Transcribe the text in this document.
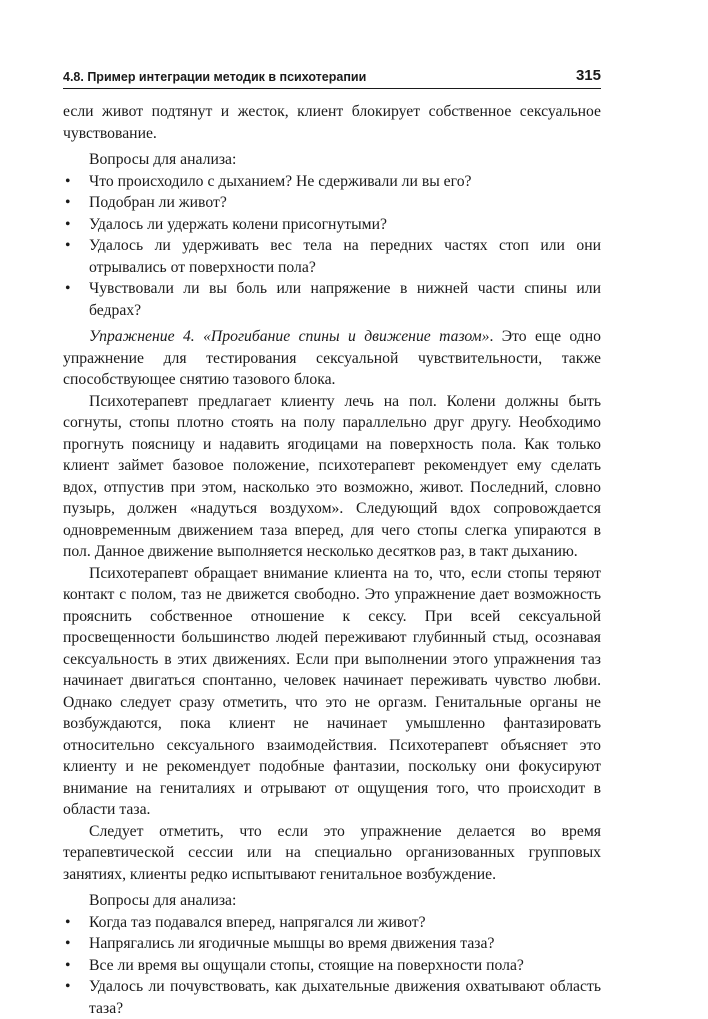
4.8. Пример интеграции методик в психотерапии	315

если живот подтянут и жесток, клиент блокирует собственное сексуальное чувствование.

Вопросы для анализа:

• Что происходило с дыханием? Не сдерживали ли вы его?
• Подобран ли живот?
• Удалось ли удержать колени присогнутыми?
• Удалось ли удерживать вес тела на передних частях стоп или они отрывались от поверхности пола?
• Чувствовали ли вы боль или напряжение в нижней части спины или бедрах?

Упражнение 4. «Прогибание спины и движение тазом». Это еще одно упражнение для тестирования сексуальной чувствительности, также способствующее снятию тазового блока.

Психотерапевт предлагает клиенту лечь на пол. Колени должны быть согнуты, стопы плотно стоять на полу параллельно друг другу. Необходимо прогнуть поясницу и надавить ягодицами на поверхность пола. Как только клиент займет базовое положение, психотерапевт рекомендует ему сделать вдох, отпустив при этом, насколько это возможно, живот. Последний, словно пузырь, должен «надуться воздухом». Следующий вдох сопровождается одновременным движением таза вперед, для чего стопы слегка упираются в пол. Данное движение выполняется несколько десятков раз, в такт дыханию.

Психотерапевт обращает внимание клиента на то, что, если стопы теряют контакт с полом, таз не движется свободно. Это упражнение дает возможность прояснить собственное отношение к сексу. При всей сексуальной просвещенности большинство людей переживают глубинный стыд, осознавая сексуальность в этих движениях. Если при выполнении этого упражнения таз начинает двигаться спонтанно, человек начинает переживать чувство любви. Однако следует сразу отметить, что это не оргазм. Генитальные органы не возбуждаются, пока клиент не начинает умышленно фантазировать относительно сексуального взаимодействия. Психотерапевт объясняет это клиенту и не рекомендует подобные фантазии, поскольку они фокусируют внимание на гениталиях и отрывают от ощущения того, что происходит в области таза.

Следует отметить, что если это упражнение делается во время терапевтической сессии или на специально организованных групповых занятиях, клиенты редко испытывают генитальное возбуждение.

Вопросы для анализа:

• Когда таз подавался вперед, напрягался ли живот?
• Напрягались ли ягодичные мышцы во время движения таза?
• Все ли время вы ощущали стопы, стоящие на поверхности пола?
• Удалось ли почувствовать, как дыхательные движения охватывают область таза?
